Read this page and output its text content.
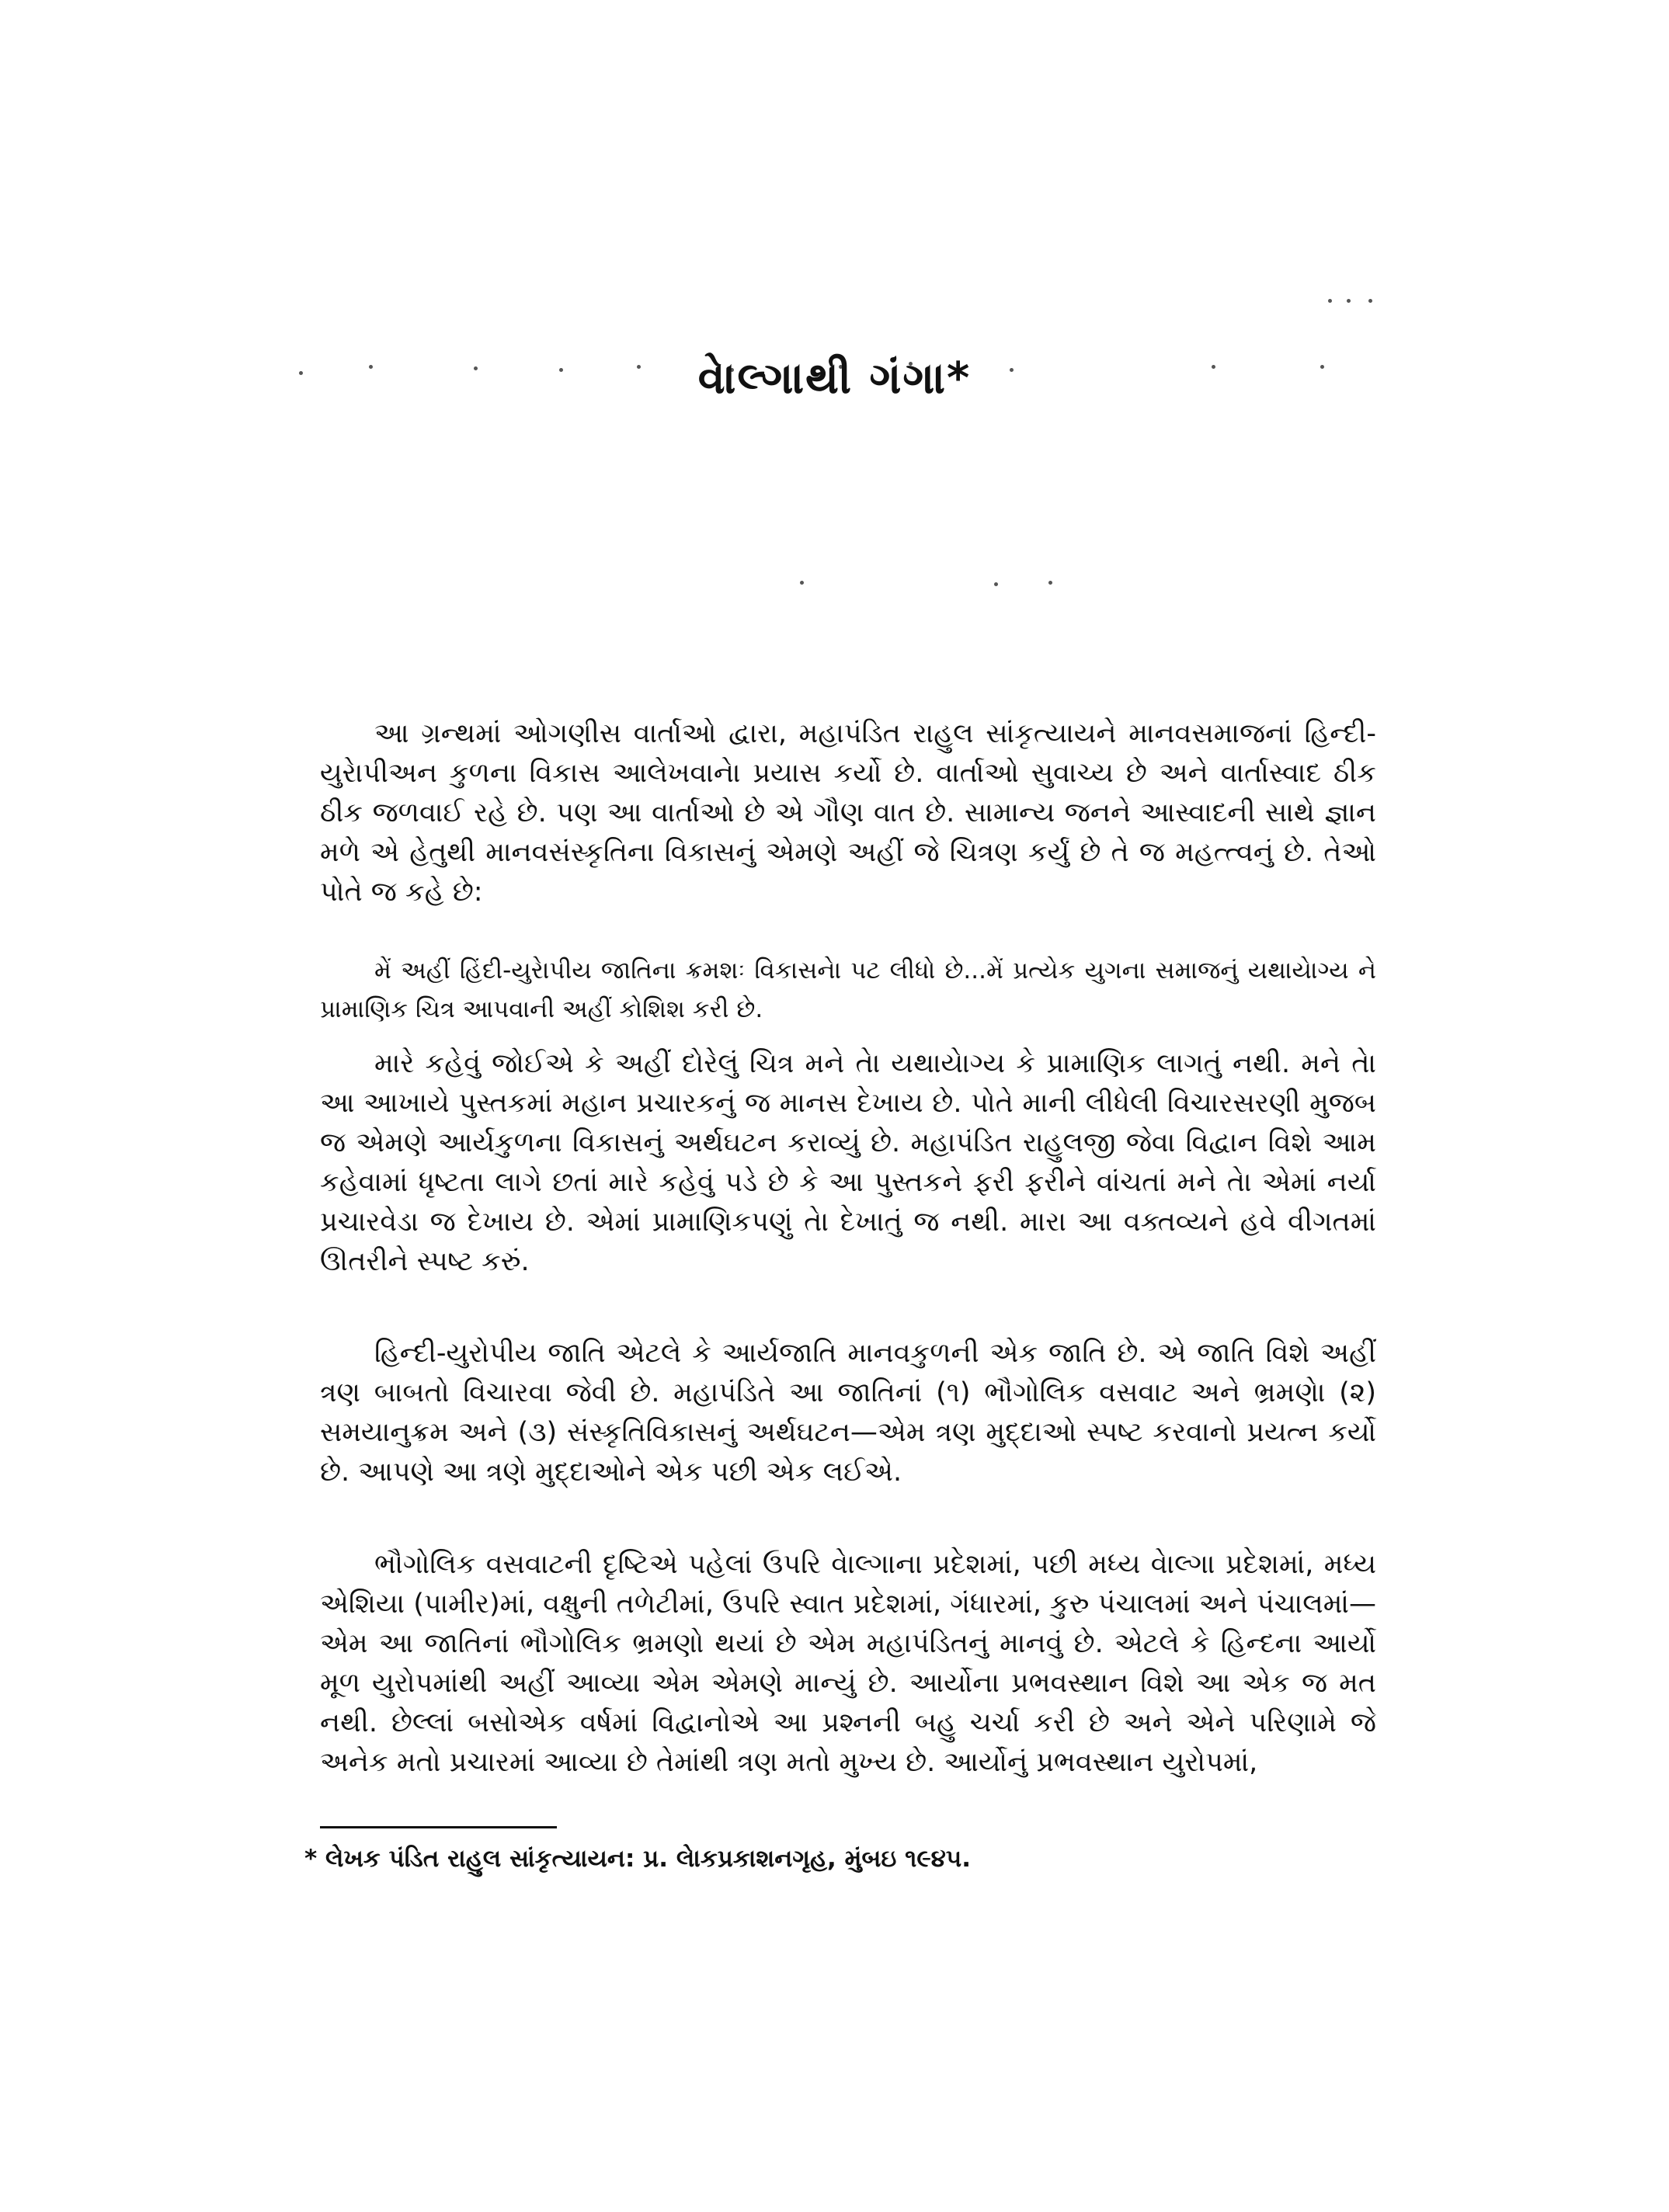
વેાલ્ગાથી ગંગા*

આ ગ્રન્થમાં ઓગણીસ વાર્તાઓ દ્વારા, મહાપંડિત રાહુલ સાંકૃત્યાયને માનવસમાજનાં હિન્દી-યુરેાપીઅન કુળના વિકાસ આલેખવાનેા પ્રયાસ કર્યો છે. વાર્તાઓ સુવાચ્ય છે અને વાર્તાસ્વાદ ઠીક ઠીક જળવાઈ રહે છે. પણ આ વાર્તાઓ છે એ ગૌણ વાત છે. સામાન્ય જનને આસ્વાદની સાથે જ્ઞાન મળે એ હેતુથી માનવસંસ્કૃતિના વિકાસનું એમણે અહીં જે ચિત્રણ કર્યું છે તે જ મહત્ત્વનું છે. તેઓ પોતે જ કહે છે:

મેં અહીં હિંદી-યુરેાપીય જાતિના ક્રમશઃ વિકાસનેા પટ લીધો છે...મેં પ્રત્યેક યુગના સમાજનું યથાયેાગ્ય ને પ્રામાણિક ચિત્ર આપવાની અહીં કોશિશ કરી છે.

મારે કહેવું જોઈએ કે અહીં દોરેલું ચિત્ર મને તેા યથાયેાગ્ય કે પ્રામાણિક લાગતું નથી. મને તેા આ આખાયે પુસ્તકમાં મહાન પ્રચારકનું જ માનસ દેખાય છે. પોતે માની લીધેલી વિચારસરણી મુજબ જ એમણે આર્યકુળના વિકાસનું અર્થઘટન કરાવ્યું છે. મહાપંડિત રાહુલજી જેવા વિદ્વાન વિશે આમ કહેવામાં ધૃષ્ટતા લાગે છતાં મારે કહેવું પડે છે કે આ પુસ્તકને ફરી ફરીને વાંચતાં મને તેા એમાં નર્યા પ્રચારવેડા જ દેખાય છે. એમાં પ્રામાણિકપણું તેા દેખાતું જ નથી. મારા આ વક્તવ્યને હવે વીગતમાં ઊતરીને સ્પષ્ટ કરું.

હિન્દી-યુરોપીય જાતિ એટલે કે આર્યજાતિ માનવકુળની એક જાતિ છે. એ જાતિ વિશે અહીં ત્રણ બાબતો વિચારવા જેવી છે. મહાપંડિતે આ જાતિનાં (૧) ભૌગોલિક વસવાટ અને ભ્રમણેા (૨) સમયાનુક્રમ અને (૩) સંસ્કૃતિવિકાસનું અર્થઘટન—એમ ત્રણ મુદ્દાઓ સ્પષ્ટ કરવાનો પ્રયત્ન કર્યો છે. આપણે આ ત્રણે મુદ્દાઓને એક પછી એક લઈએ.

ભૌગોલિક વસવાટની દૃષ્ટિએ પહેલાં ઉપરિ વેાલ્ગાના પ્રદેશમાં, પછી મધ્ય વેાલ્ગા પ્રદેશમાં, મધ્ય એશિયા (પામીર)માં, વક્ષુની તળેટીમાં, ઉપરિ સ્વાત પ્રદેશમાં, ગંધારમાં, કુરુ પંચાલમાં અને પંચાલમાં—એમ આ જાતિનાં ભૌગોલિક ભ્રમણો થયાં છે એમ મહાપંડિતનું માનવું છે. એટલે કે હિન્દના આર્યો મૂળ યુરોપમાંથી અહીં આવ્યા એમ એમણે માન્યું છે. આર્યોના પ્રભવસ્થાન વિશે આ એક જ મત નથી. છેલ્લાં બસોએક વર્ષમાં વિદ્વાનોએ આ પ્રશ્નની બહુ ચર્ચા કરી છે અને એને પરિણામે જે અનેક મતો પ્રચારમાં આવ્યા છે તેમાંથી ત્રણ મતો મુખ્ય છે. આર્યોનું પ્રભવસ્થાન યુરોપમાં,

* લેખક પંડિત રાહુલ સાંકૃત્યાયન: પ્ર. લેાકપ્રકાશનગૃહ, મુંબઇ ૧૯૪૫.
